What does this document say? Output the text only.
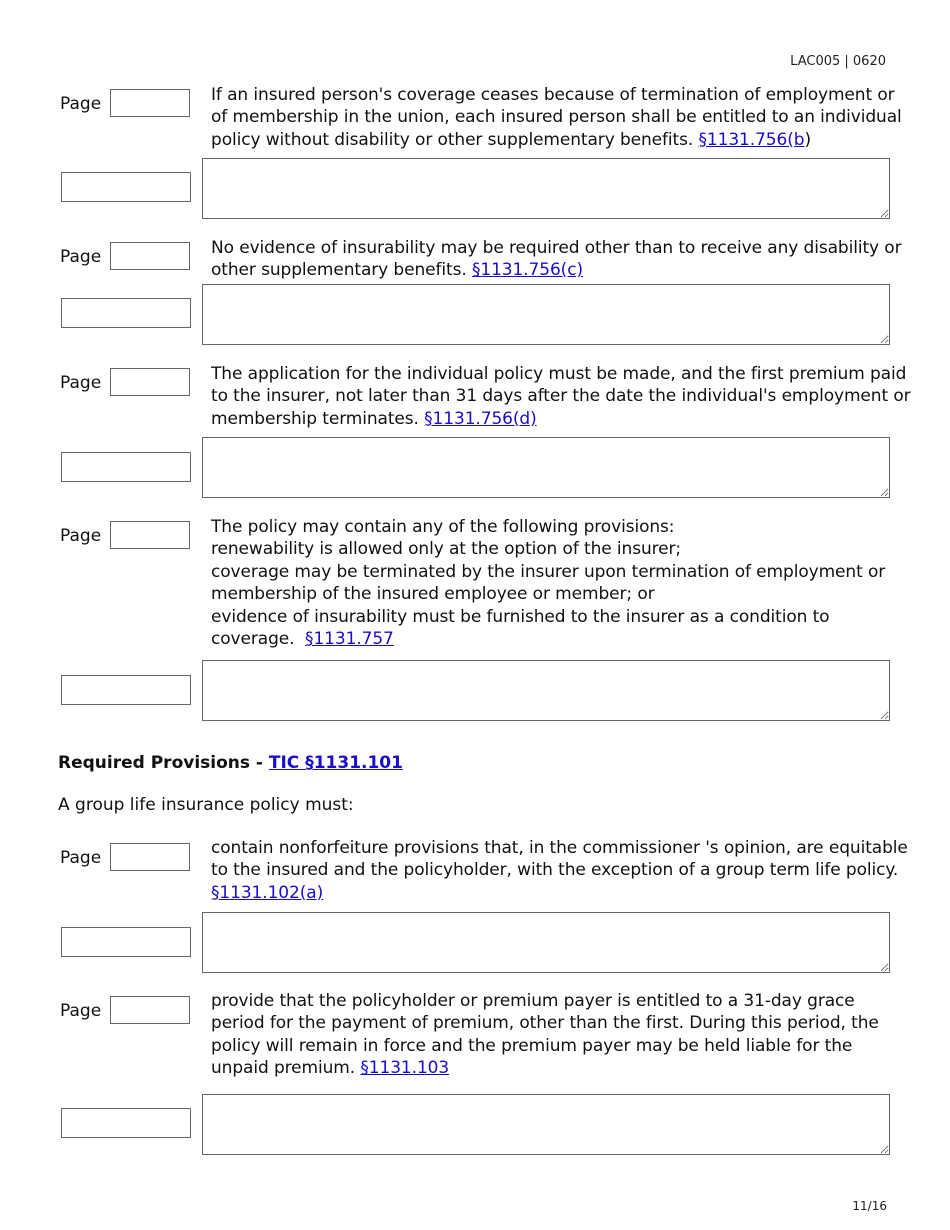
LAC005 | 0620
11/16
Page	If an insured person's coverage ceases because of termination of employment or
of membership in the union, each insured person shall be entitled to an individual
policy without disability or other supplementary benefits. §1131.756(b)
Page	No evidence of insurability may be required other than to receive any disability or
other supplementary benefits. §1131.756(c)
Page	The application for the individual policy must be made, and the first premium paid
to the insurer, not later than 31 days after the date the individual's employment or
membership terminates. §1131.756(d)
Page	The policy may contain any of the following provisions:
renewability is allowed only at the option of the insurer;
coverage may be terminated by the insurer upon termination of employment or
membership of the insured employee or member; or
evidence of insurability must be furnished to the insurer as a condition to
coverage.  §1131.757
Required Provisions - TIC §1131.101
A group life insurance policy must:
Page	contain nonforfeiture provisions that, in the commissioner 's opinion, are equitable
to the insured and the policyholder, with the exception of a group term life policy.
§1131.102(a)
Page	provide that the policyholder or premium payer is entitled to a 31-day grace
period for the payment of premium, other than the first. During this period, the
policy will remain in force and the premium payer may be held liable for the
unpaid premium. §1131.103
